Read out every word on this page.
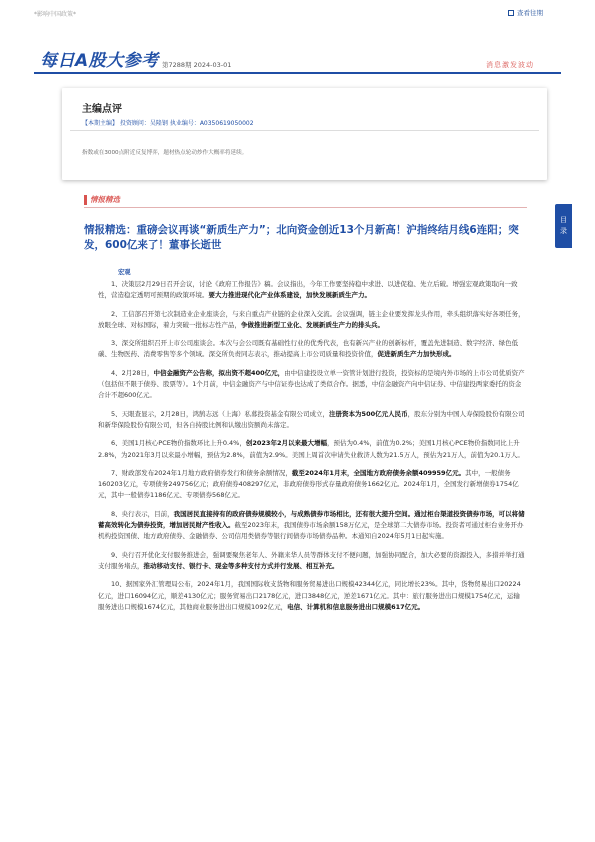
*影响中国政策*	查看往期
每日A股大参考 第7288期 2024-03-01	消息激发波动
主编点评
【本期主编】 投资顾问：吴隆钢 执业编号：A0350619050002
指数或在3000点附近反复博弈，题材热点轮动炒作大概率将延续。
情报精选
情报精选：重磅会议再谈“新质生产力”；北向资金创近13个月新高！沪指终结月线6连阳；突发，600亿来了！董事长逝世
宏观

1、决策层2月29日召开会议，讨论《政府工作报告》稿。会议指出，今年工作要坚持稳中求进、以进促稳、先立后破。增强宏观政策取向一致性，营造稳定透明可预期的政策环境。要大力推进现代化产业体系建设，加快发展新质生产力。

2、工信部召开第七次制造业企业座谈会，与来自重点产业链的企业深入交流。会议强调，链主企业要发挥龙头作用，牵头组织落实好各项任务，放眼全球、对标国际，着力突破一批标志性产品，争做推进新型工业化、发展新质生产力的排头兵。

3、深交所组织召开上市公司座谈会。本次与会公司既有基础性行业的优秀代表，也有新兴产业的创新标杆，覆盖先进制造、数字经济、绿色低碳、生物医药、消费零售等多个领域。深交所负责同志表示，推动提高上市公司质量和投资价值，促进新质生产力加快形成。

4、2月28日，中信金融资产公告称，拟出资不超400亿元，由中信建投设立单一资管计划进行投资，投资标的是境内外市场的上市公司优质资产（包括但不限于债券、股票等）。1个月前，中信金融资产与中信证券也达成了类似合作。据悉，中信金融资产向中信证券、中信建投两家委托的资金合计不超600亿元。

5、天眼查显示，2月28日，鸿鹄志远（上海）私募投资基金有限公司成立，注册资本为500亿元人民币，股东分别为中国人寿保险股份有限公司和新华保险股份有限公司，但各自持股比例和认缴出资额尚未落定。

6、美国1月核心PCE物价指数环比上升0.4%，创2023年2月以来最大增幅，预估为0.4%，前值为0.2%；美国1月核心PCE物价指数同比上升2.8%，为2021年3月以来最小增幅，预估为2.8%，前值为2.9%。美国上周首次申请失业救济人数为21.5万人，预估为21万人，前值为20.1万人。

7、财政部发布2024年1月地方政府债券发行和债务余额情况，截至2024年1月末，全国地方政府债务余额409959亿元。其中，一般债务160203亿元，专项债务249756亿元；政府债券408297亿元，非政府债券形式存量政府债务1662亿元。2024年1月，全国发行新增债券1754亿元，其中一般债券1186亿元、专项债券568亿元。

8、央行表示，目前，我国居民直接持有的政府债券规模较小，与成熟债券市场相比，还有很大提升空间。通过柜台渠道投资债券市场，可以将储蓄高效转化为债券投资，增加居民财产性收入。截至2023年末，我国债券市场余额158万亿元，是全球第二大债券市场。投资者可通过柜台业务开办机构投资国债、地方政府债券、金融债券、公司信用类债券等银行间债券市场债券品种。本通知自2024年5月1日起实施。

9、央行召开优化支付服务推进会，强调要聚焦老年人、外籍来华人员等群体支付不便问题，加强协同配合，加大必要的资源投入，多措并举打通支付服务堵点，推动移动支付、银行卡、现金等多种支付方式并行发展、相互补充。

10、据国家外汇管理局公布，2024年1月，我国国际收支货物和服务贸易进出口规模42344亿元，同比增长23%。其中，货物贸易出口20224亿元，进口16094亿元，顺差4130亿元；服务贸易出口2178亿元，进口3848亿元，逆差1671亿元。其中：旅行服务进出口规模1754亿元，运输服务进出口规模1674亿元，其他商业服务进出口规模1092亿元，电信、计算机和信息服务进出口规模617亿元。

目
录
